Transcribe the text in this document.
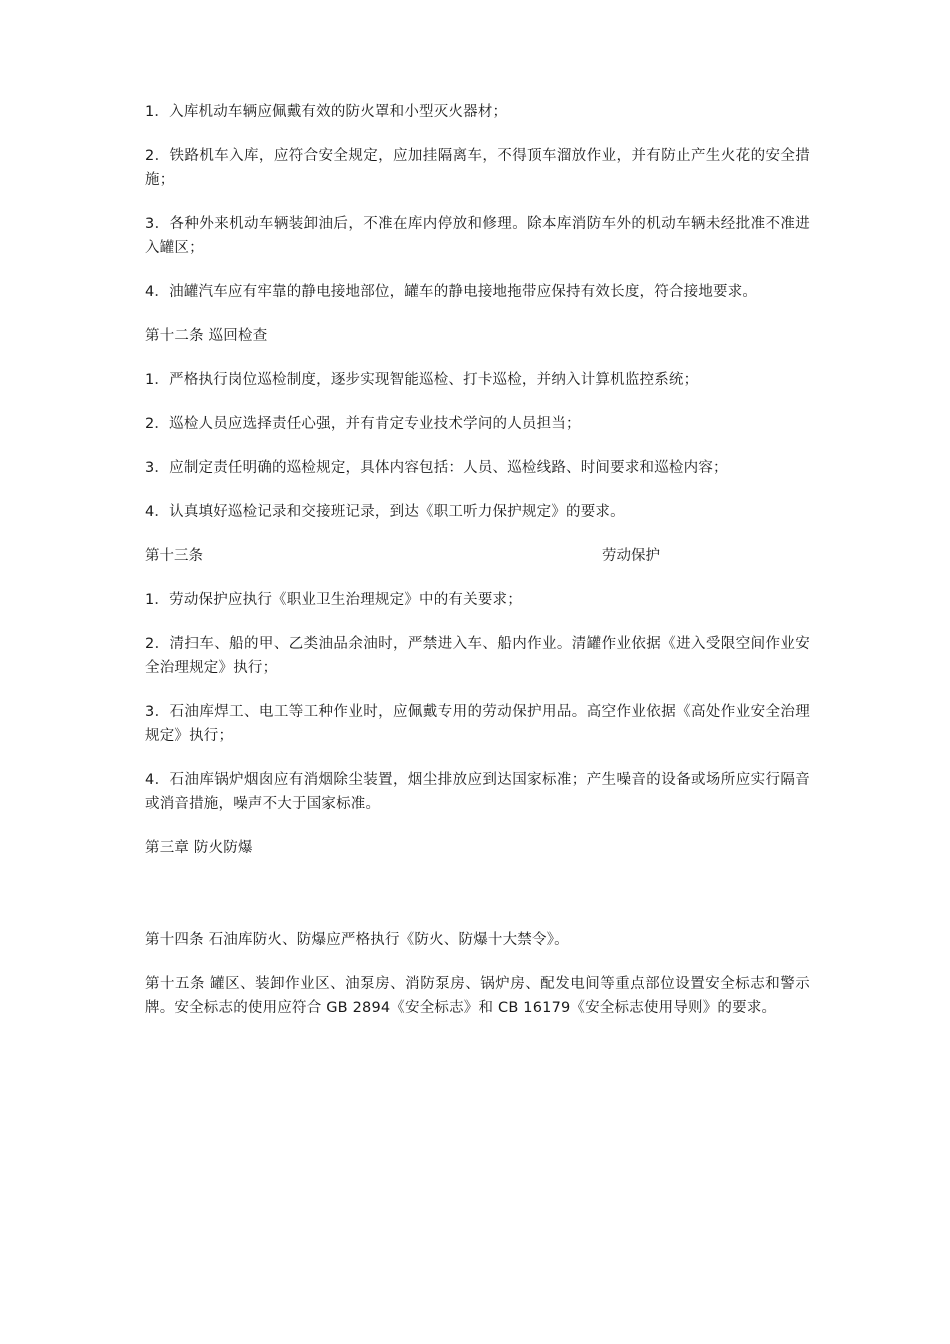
1．入库机动车辆应佩戴有效的防火罩和小型灭火器材；

2．铁路机车入库，应符合安全规定，应加挂隔离车，不得顶车溜放作业，并有防止产生火花的安全措施；

3．各种外来机动车辆装卸油后，不准在库内停放和修理。除本库消防车外的机动车辆未经批准不准进入罐区；

4．油罐汽车应有牢靠的静电接地部位，罐车的静电接地拖带应保持有效长度，符合接地要求。

第十二条 巡回检查

1．严格执行岗位巡检制度，逐步实现智能巡检、打卡巡检，并纳入计算机监控系统；

2．巡检人员应选择责任心强，并有肯定专业技术学问的人员担当；

3．应制定责任明确的巡检规定，具体内容包括：人员、巡检线路、时间要求和巡检内容；

4．认真填好巡检记录和交接班记录，到达《职工听力保护规定》的要求。

第十三条	劳动保护

1．劳动保护应执行《职业卫生治理规定》中的有关要求；

2．清扫车、船的甲、乙类油品余油时，严禁进入车、船内作业。清罐作业依据《进入受限空间作业安全治理规定》执行；

3．石油库焊工、电工等工种作业时，应佩戴专用的劳动保护用品。高空作业依据《高处作业安全治理规定》执行；

4．石油库锅炉烟囱应有消烟除尘装置，烟尘排放应到达国家标准；产生噪音的设备或场所应实行隔音或消音措施，噪声不大于国家标准。

第三章 防火防爆

第十四条 石油库防火、防爆应严格执行《防火、防爆十大禁令》。

第十五条 罐区、装卸作业区、油泵房、消防泵房、锅炉房、配发电间等重点部位设置安全标志和警示牌。安全标志的使用应符合 GB 2894《安全标志》和 CB 16179《安全标志使用导则》的要求。
